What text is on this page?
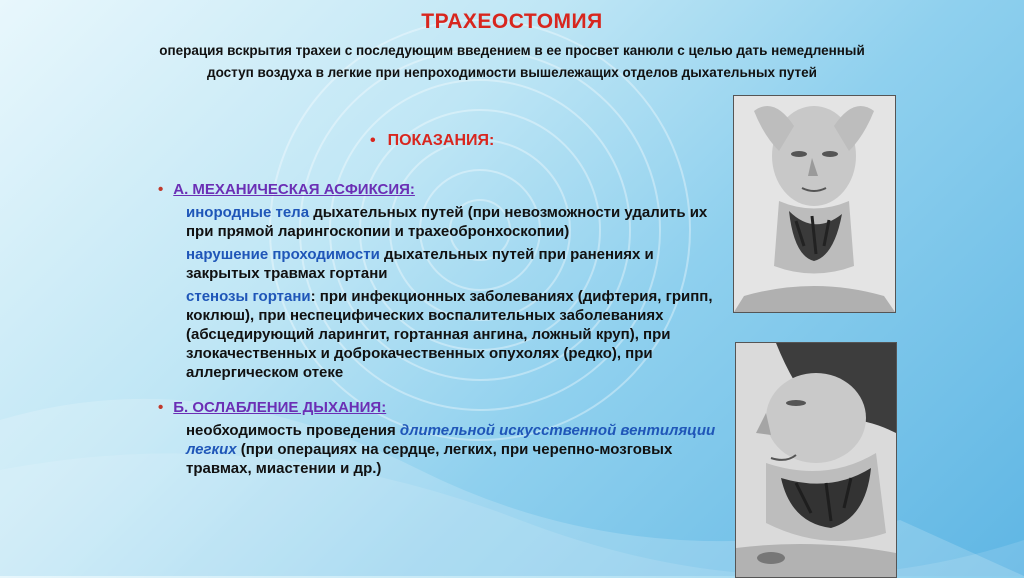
ТРАХЕОСТОМИЯ
операция вскрытия трахеи с последующим введением в ее просвет канюли с целью дать немедленный доступ воздуха в легкие при непроходимости вышележащих отделов дыхательных путей
• ПОКАЗАНИЯ:
• А. МЕХАНИЧЕСКАЯ АСФИКСИЯ:
инородные тела дыхательных путей (при невозможности удалить их при прямой ларингоскопии и трахеобронхоскопии)
нарушение проходимости дыхательных путей при ранениях и закрытых травмах гортани
стенозы гортани: при инфекционных заболеваниях (дифтерия, грипп, коклюш), при неспецифических воспалительных заболеваниях (абсцедирующий ларингит, гортанная ангина, ложный круп), при злокачественных и доброкачественных опухолях (редко), при аллергическом отеке
• Б. ОСЛАБЛЕНИЕ ДЫХАНИЯ:
необходимость проведения длительной искусственной вентиляции легких (при операциях на сердце, легких, при черепно-мозговых травмах, миастении и др.)
